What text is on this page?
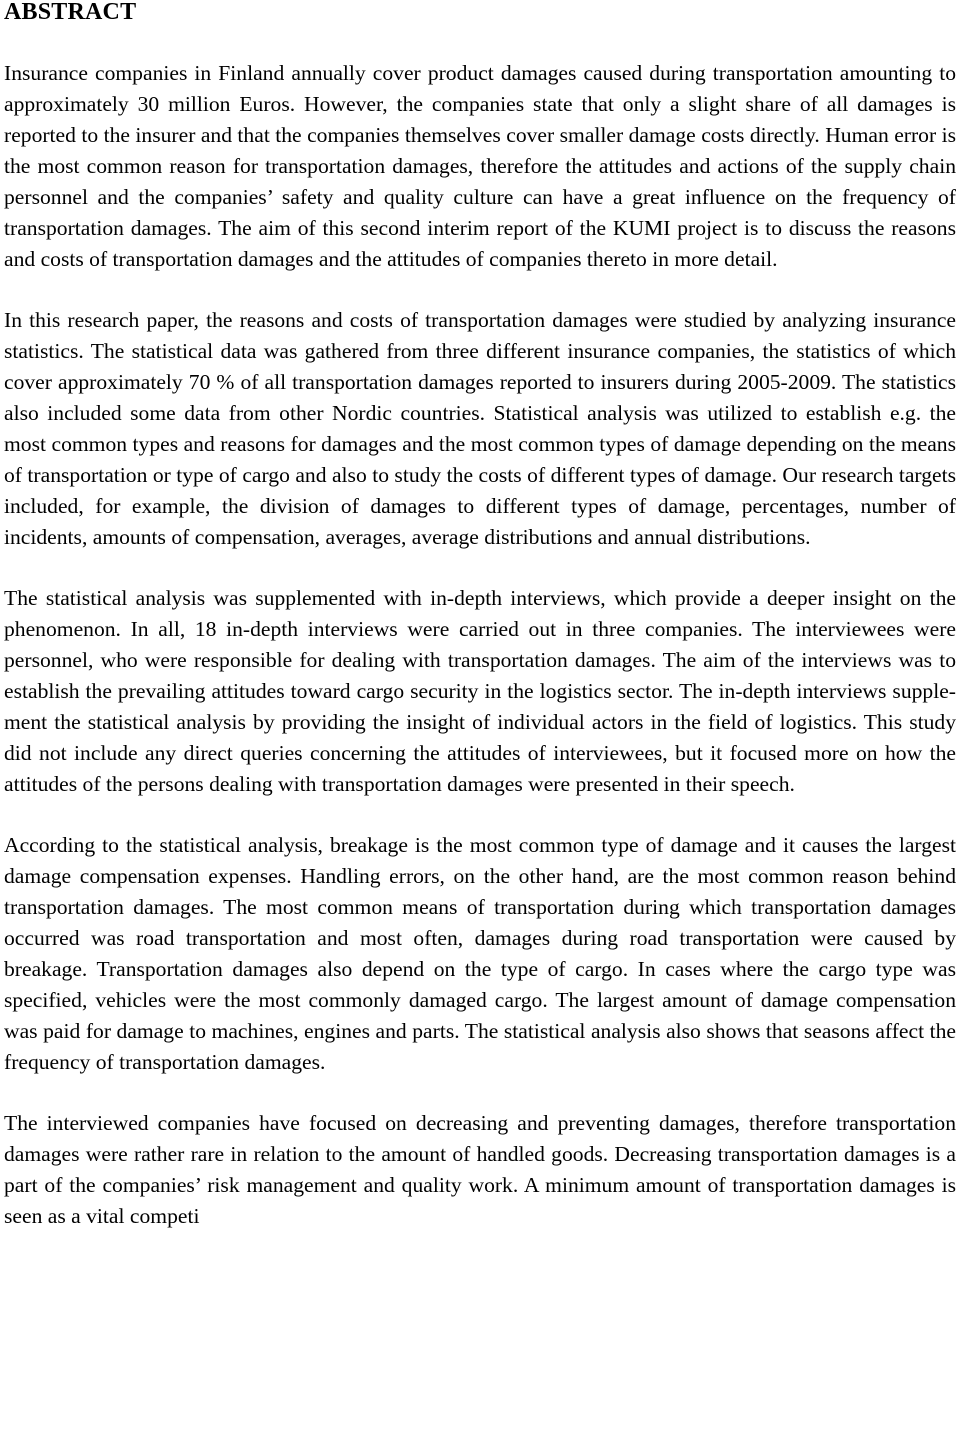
ABSTRACT

Insurance companies in Finland annually cover product damages caused during transportation amounting to approximately 30 million Euros. However, the companies state that only a slight share of all damages is reported to the insurer and that the companies themselves cover smaller damage costs directly. Human error is the most common reason for transportation damages, therefore the attitudes and actions of the supply chain personnel and the companies’ safety and quality culture can have a great influence on the frequency of transportation damages. The aim of this second interim report of the KUMI project is to discuss the reasons and costs of transportation damages and the attitudes of companies thereto in more detail.

In this research paper, the reasons and costs of transportation damages were studied by analyzing insurance statistics. The statistical data was gathered from three different insurance companies, the statistics of which cover approximately 70 % of all transportation damages reported to insurers during 2005-2009. The statistics also included some data from other Nordic countries. Statistical analysis was utilized to establish e.g. the most common types and reasons for damages and the most common types of damage depending on the means of transportation or type of cargo and also to study the costs of different types of damage. Our research targets included, for example, the division of damages to different types of damage, percentages, number of incidents, amounts of compensation, averages, average distributions and annual distributions.

The statistical analysis was supplemented with in-depth interviews, which provide a deeper insight on the phenomenon. In all, 18 in-depth interviews were carried out in three companies. The interviewees were personnel, who were responsible for dealing with transportation damages. The aim of the interviews was to establish the prevailing attitudes toward cargo security in the logistics sector. The in-depth interviews supplement the statistical analysis by providing the insight of individual actors in the field of logistics. This study did not include any direct queries concerning the attitudes of interviewees, but it focused more on how the attitudes of the persons dealing with transportation damages were presented in their speech.

According to the statistical analysis, breakage is the most common type of damage and it causes the largest damage compensation expenses. Handling errors, on the other hand, are the most common reason behind transportation damages. The most common means of transportation during which transportation damages occurred was road transportation and most often, damages during road transportation were caused by breakage. Transportation damages also depend on the type of cargo. In cases where the cargo type was specified, vehicles were the most commonly damaged cargo. The largest amount of damage compensation was paid for damage to machines, engines and parts. The statistical analysis also shows that seasons affect the frequency of transportation damages.

The interviewed companies have focused on decreasing and preventing damages, therefore transportation damages were rather rare in relation to the amount of handled goods. Decreasing transportation damages is a part of the companies’ risk management and quality work. A minimum amount of transportation damages is seen as a vital competi
